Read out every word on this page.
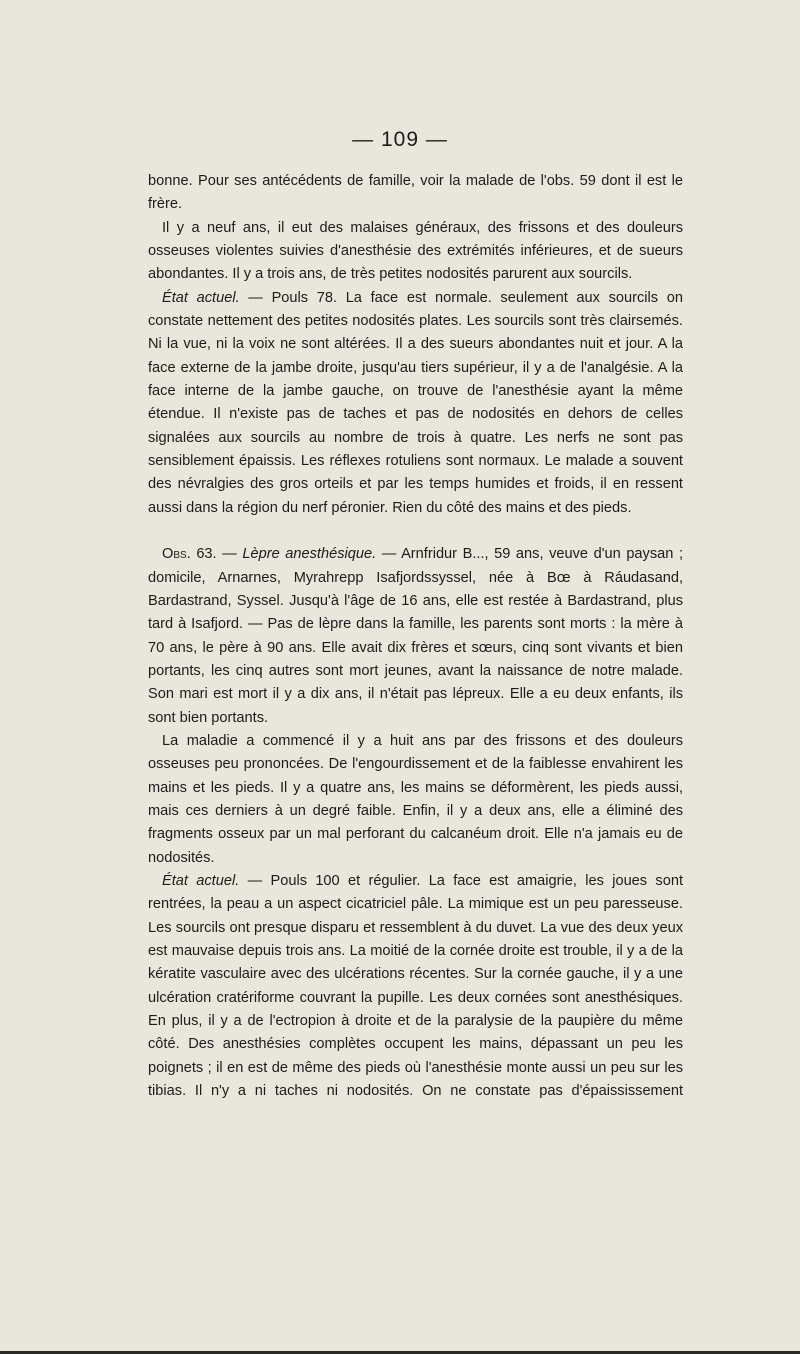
— 109 —

bonne. Pour ses antécédents de famille, voir la malade de l'obs. 59 dont il est le frère.

Il y a neuf ans, il eut des malaises généraux, des frissons et des douleurs osseuses violentes suivies d'anesthésie des extrémités inférieures, et de sueurs abondantes. Il y a trois ans, de très petites nodosités parurent aux sourcils.

État actuel. — Pouls 78. La face est normale. seulement aux sourcils on constate nettement des petites nodosités plates. Les sourcils sont très clairsemés. Ni la vue, ni la voix ne sont altérées. Il a des sueurs abondantes nuit et jour. A la face externe de la jambe droite, jusqu'au tiers supérieur, il y a de l'analgésie. A la face interne de la jambe gauche, on trouve de l'anesthésie ayant la même étendue. Il n'existe pas de taches et pas de nodosités en dehors de celles signalées aux sourcils au nombre de trois à quatre. Les nerfs ne sont pas sensiblement épaissis. Les réflexes rotuliens sont normaux. Le malade a souvent des névralgies des gros orteils et par les temps humides et froids, il en ressent aussi dans la région du nerf péronier. Rien du côté des mains et des pieds.

Obs. 63. — Lèpre anesthésique. — Arnfridur B..., 59 ans, veuve d'un paysan ; domicile, Arnarnes, Myrahrepp Isafjordssyssel, née à Bœ à Ráudasand, Bardastrand, Syssel. Jusqu'à l'âge de 16 ans, elle est restée à Bardastrand, plus tard à Isafjord. — Pas de lèpre dans la famille, les parents sont morts : la mère à 70 ans, le père à 90 ans. Elle avait dix frères et sœurs, cinq sont vivants et bien portants, les cinq autres sont mort jeunes, avant la naissance de notre malade. Son mari est mort il y a dix ans, il n'était pas lépreux. Elle a eu deux enfants, ils sont bien portants.

La maladie a commencé il y a huit ans par des frissons et des douleurs osseuses peu prononcées. De l'engourdissement et de la faiblesse envahirent les mains et les pieds. Il y a quatre ans, les mains se déformèrent, les pieds aussi, mais ces derniers à un degré faible. Enfin, il y a deux ans, elle a éliminé des fragments osseux par un mal perforant du calcanéum droit. Elle n'a jamais eu de nodosités.

État actuel. — Pouls 100 et régulier. La face est amaigrie, les joues sont rentrées, la peau a un aspect cicatriciel pâle. La mimique est un peu paresseuse. Les sourcils ont presque disparu et ressemblent à du duvet. La vue des deux yeux est mauvaise depuis trois ans. La moitié de la cornée droite est trouble, il y a de la kératite vasculaire avec des ulcérations récentes. Sur la cornée gauche, il y a une ulcération cratériforme couvrant la pupille. Les deux cornées sont anesthésiques. En plus, il y a de l'ectropion à droite et de la paralysie de la paupière du même côté. Des anesthésies complètes occupent les mains, dépassant un peu les poignets ; il en est de même des pieds où l'anesthésie monte aussi un peu sur les tibias. Il n'y a ni taches ni nodosités. On ne constate pas d'épaississement
